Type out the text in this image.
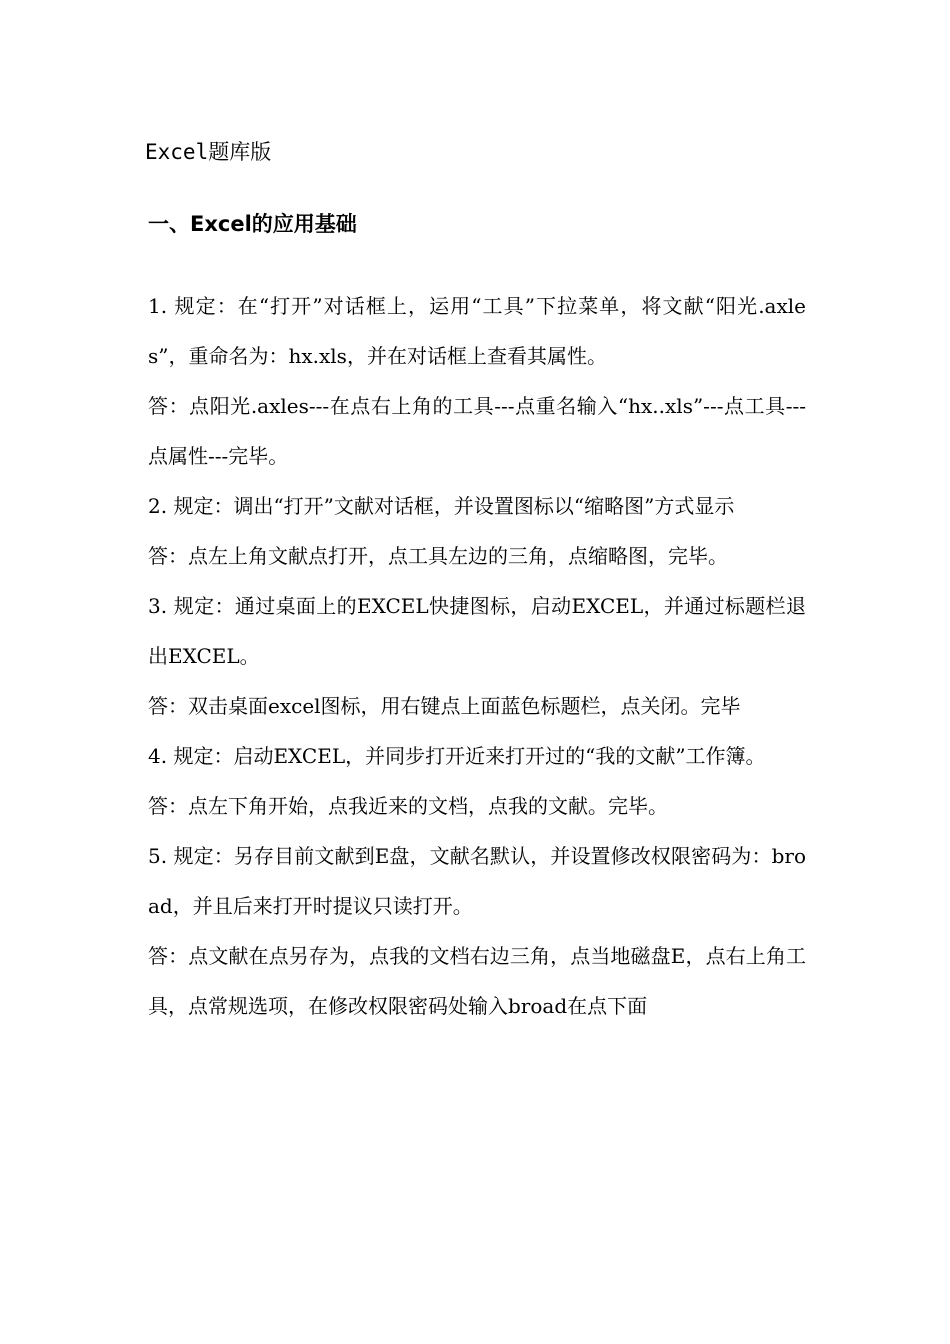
Excel题库版
一、Excel的应用基础

1. 规定：在“打开”对话框上，运用“工具”下拉菜单，将文献“阳光.axles”，重命名为：hx.xls，并在对话框上查看其属性。

答：点阳光.axles---在点右上角的工具---点重名输入“hx..xls”---点工具---点属性---完毕。

2. 规定：调出“打开”文献对话框，并设置图标以“缩略图”方式显示

答：点左上角文献点打开，点工具左边的三角，点缩略图，完毕。

3. 规定：通过桌面上的EXCEL快捷图标，启动EXCEL，并通过标题栏退出EXCEL。

答：双击桌面excel图标，用右键点上面蓝色标题栏，点关闭。完毕

4. 规定：启动EXCEL，并同步打开近来打开过的“我的文献”工作簿。

答：点左下角开始，点我近来的文档，点我的文献。完毕。

5. 规定：另存目前文献到E盘，文献名默认，并设置修改权限密码为：broad，并且后来打开时提议只读打开。

答：点文献在点另存为，点我的文档右边三角，点当地磁盘E，点右上角工具，点常规选项，在修改权限密码处输入broad在点下面
